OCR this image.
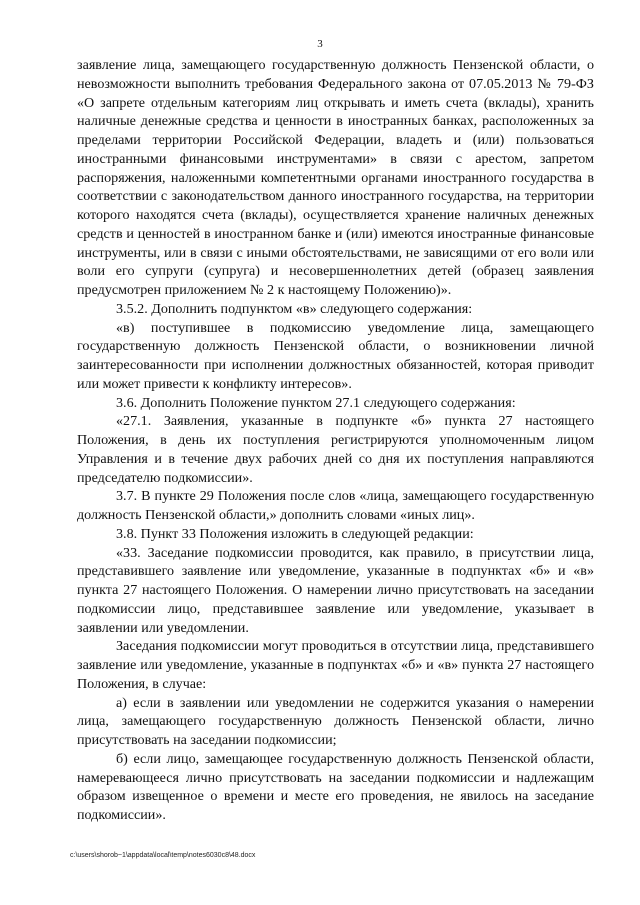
3

заявление лица, замещающего государственную должность Пензенской области, о невозможности выполнить требования Федерального закона от 07.05.2013 № 79-ФЗ «О запрете отдельным категориям лиц открывать и иметь счета (вклады), хранить наличные денежные средства и ценности в иностранных банках, расположенных за пределами территории Российской Федерации, владеть и (или) пользоваться иностранными финансовыми инструментами» в связи с арестом, запретом распоряжения, наложенными компетентными органами иностранного государства в соответствии с законодательством данного иностранного государства, на территории которого находятся счета (вклады), осуществляется хранение наличных денежных средств и ценностей в иностранном банке и (или) имеются иностранные финансовые инструменты, или в связи с иными обстоятельствами, не зависящими от его воли или воли его супруги (супруга) и несовершеннолетних детей (образец заявления предусмотрен приложением № 2 к настоящему Положению)».

3.5.2. Дополнить подпунктом «в» следующего содержания:

«в) поступившее в подкомиссию уведомление лица, замещающего государственную должность Пензенской области, о возникновении личной заинтересованности при исполнении должностных обязанностей, которая приводит или может привести к конфликту интересов».

3.6. Дополнить Положение пунктом 27.1 следующего содержания:

«27.1. Заявления, указанные в подпункте «б» пункта 27 настоящего Положения, в день их поступления регистрируются уполномоченным лицом Управления и в течение двух рабочих дней со дня их поступления направляются председателю подкомиссии».

3.7. В пункте 29 Положения после слов «лица, замещающего государственную должность Пензенской области,» дополнить словами «иных лиц».

3.8. Пункт 33 Положения изложить в следующей редакции:

«33. Заседание подкомиссии проводится, как правило, в присутствии лица, представившего заявление или уведомление, указанные в подпунктах «б» и «в» пункта 27 настоящего Положения. О намерении лично присутствовать на заседании подкомиссии лицо, представившее заявление или уведомление, указывает в заявлении или уведомлении.

Заседания подкомиссии могут проводиться в отсутствии лица, представившего заявление или уведомление, указанные в подпунктах «б» и «в» пункта 27 настоящего Положения, в случае:

а) если в заявлении или уведомлении не содержится указания о намерении лица, замещающего государственную должность Пензенской области, лично присутствовать на заседании подкомиссии;

б) если лицо, замещающее государственную должность Пензенской области, намеревающееся лично присутствовать на заседании подкомиссии и надлежащим образом извещенное о времени и месте его проведения, не явилось на заседание подкомиссии».

c:\users\shorob~1\appdata\local\temp\notes6030c8\48.docx
